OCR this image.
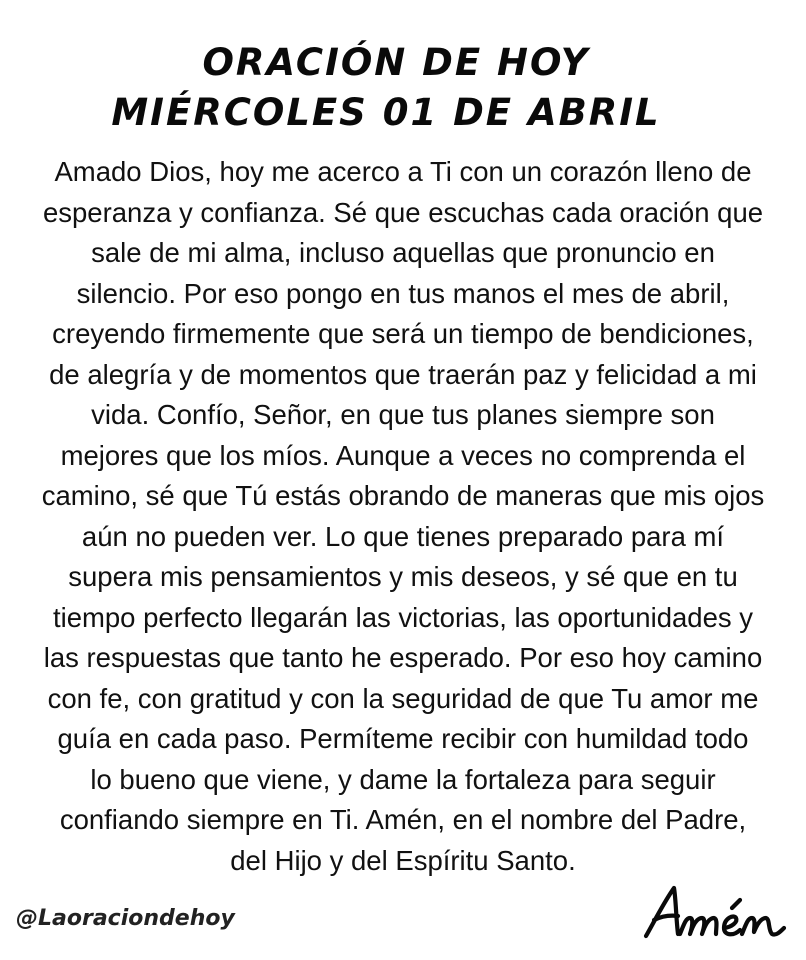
ORACIÓN DE HOY
MIÉRCOLES 01 DE ABRIL
Amado Dios, hoy me acerco a Ti con un corazón lleno de
esperanza y confianza. Sé que escuchas cada oración que
sale de mi alma, incluso aquellas que pronuncio en
silencio. Por eso pongo en tus manos el mes de abril,
creyendo firmemente que será un tiempo de bendiciones,
de alegría y de momentos que traerán paz y felicidad a mi
vida. Confío, Señor, en que tus planes siempre son
mejores que los míos. Aunque a veces no comprenda el
camino, sé que Tú estás obrando de maneras que mis ojos
aún no pueden ver. Lo que tienes preparado para mí
supera mis pensamientos y mis deseos, y sé que en tu
tiempo perfecto llegarán las victorias, las oportunidades y
las respuestas que tanto he esperado. Por eso hoy camino
con fe, con gratitud y con la seguridad de que Tu amor me
guía en cada paso. Permíteme recibir con humildad todo
lo bueno que viene, y dame la fortaleza para seguir
confiando siempre en Ti. Amén, en el nombre del Padre,
del Hijo y del Espíritu Santo.
@Laoraciondehoy
